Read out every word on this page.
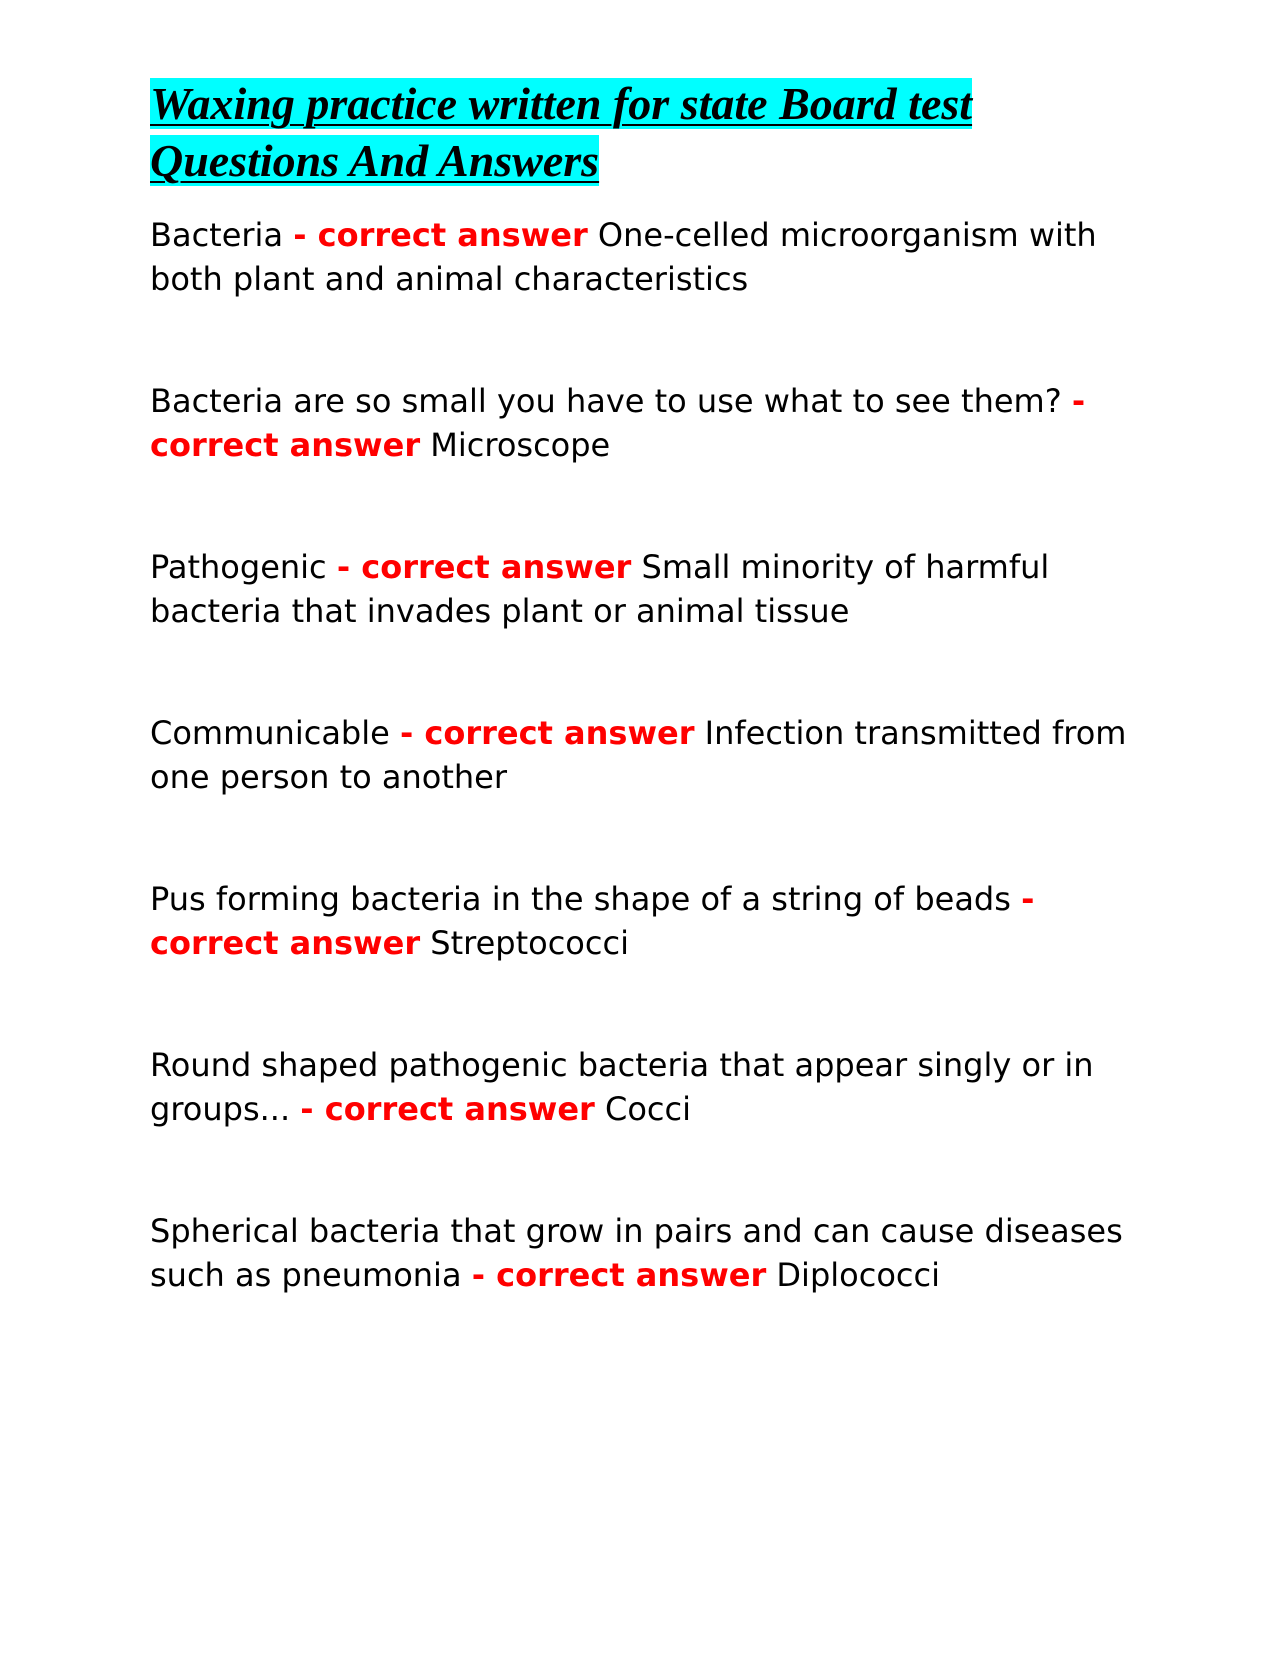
Waxing practice written for state Board test
Questions And Answers

Bacteria - correct answer One-celled microorganism with both plant and animal characteristics

Bacteria are so small you have to use what to see them? - correct answer Microscope

Pathogenic - correct answer Small minority of harmful bacteria that invades plant or animal tissue

Communicable - correct answer Infection transmitted from one person to another

Pus forming bacteria in the shape of a string of beads - correct answer Streptococci

Round shaped pathogenic bacteria that appear singly or in groups... - correct answer Cocci

Spherical bacteria that grow in pairs and can cause diseases such as pneumonia - correct answer Diplococci
